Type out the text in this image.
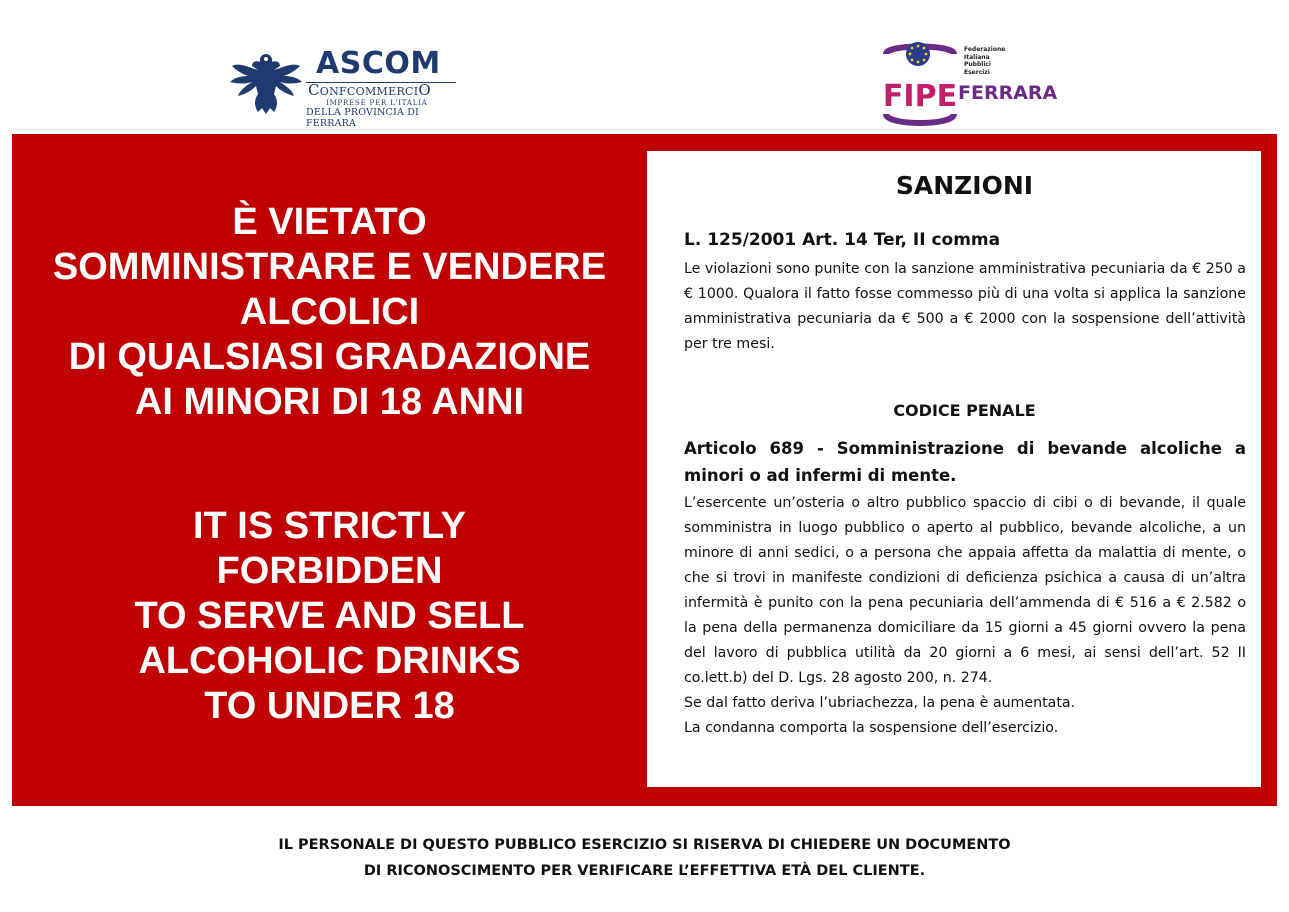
ASCOM
ConfcommerciO
IMPRESE PER L'ITALIA
DELLA PROVINCIA DI FERRARA
FIPE
Federazione
Italiana
Pubblici
Esercizi
FERRARA
È VIETATO
SOMMINISTRARE E VENDERE
ALCOLICI
DI QUALSIASI GRADAZIONE
AI MINORI DI 18 ANNI
IT IS STRICTLY
FORBIDDEN
TO SERVE AND SELL
ALCOHOLIC DRINKS
TO UNDER 18
SANZIONI
L. 125/2001 Art. 14 Ter, II comma
Le violazioni sono punite con la sanzione amministrativa pecuniaria da € 250 a € 1000. Qualora il fatto fosse commesso più di una volta si applica la sanzione amministrativa pecuniaria da € 500 a € 2000 con la sospensione dell’attività per tre mesi.
CODICE PENALE
Articolo 689 - Somministrazione di bevande alcoliche a minori o ad infermi di mente.
L’esercente un’osteria o altro pubblico spaccio di cibi o di bevande, il quale somministra in luogo pubblico o aperto al pubblico, bevande alcoliche, a un minore di anni sedici, o a persona che appaia affetta da malattia di mente, o che si trovi in manifeste condizioni di deficienza psichica a causa di un’altra infermità è punito con la pena pecuniaria dell’ammenda di € 516 a € 2.582 o la pena della permanenza domiciliare da 15 giorni a 45 giorni ovvero la pena del lavoro di pubblica utilità da 20 giorni a 6 mesi, ai sensi dell’art. 52 II co.lett.b) del D. Lgs. 28 agosto 200, n. 274.
Se dal fatto deriva l’ubriachezza, la pena è aumentata.
La condanna comporta la sospensione dell’esercizio.
IL PERSONALE DI QUESTO PUBBLICO ESERCIZIO SI RISERVA DI CHIEDERE UN DOCUMENTO
DI RICONOSCIMENTO PER VERIFICARE L’EFFETTIVA ETÀ DEL CLIENTE.
